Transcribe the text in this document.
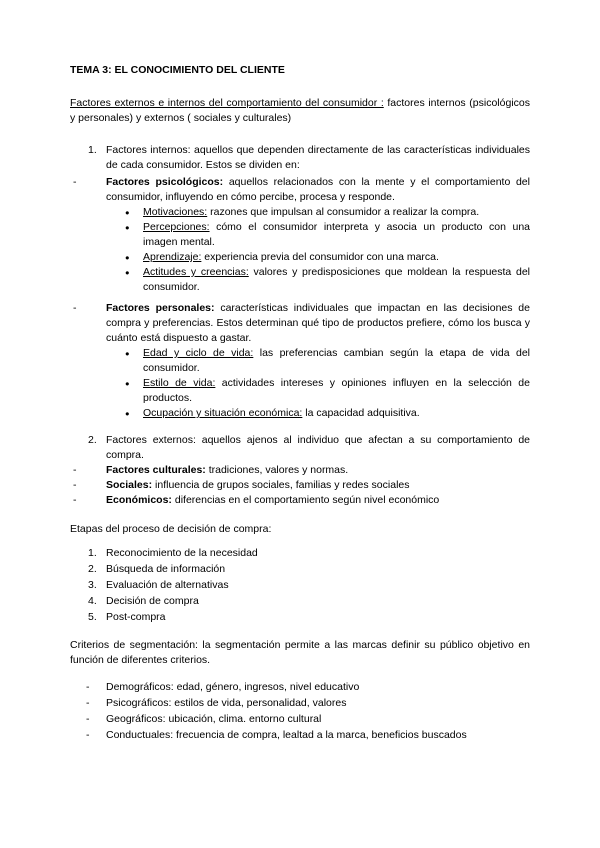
TEMA 3: EL CONOCIMIENTO DEL CLIENTE

Factores externos e internos del comportamiento del consumidor : factores internos (psicológicos y personales) y externos ( sociales y culturales)

1. Factores internos: aquellos que dependen directamente de las características individuales de cada consumidor. Estos se dividen en:
-	Factores psicológicos: aquellos relacionados con la mente y el comportamiento del consumidor, influyendo en cómo percibe, procesa y responde.
●	Motivaciones: razones que impulsan al consumidor a realizar la compra.
●	Percepciones: cómo el consumidor interpreta y asocia un producto con una imagen mental.
●	Aprendizaje: experiencia previa del consumidor con una marca.
●	Actitudes y creencias: valores y predisposiciones que moldean la respuesta del consumidor.
-	Factores personales: características individuales que impactan en las decisiones de compra y preferencias. Estos determinan qué tipo de productos prefiere, cómo los busca y cuánto está dispuesto a gastar.
●	Edad y ciclo de vida: las preferencias cambian según la etapa de vida del consumidor.
●	Estilo de vida: actividades intereses y opiniones influyen en la selección de productos.
●	Ocupación y situación económica: la capacidad adquisitiva.
2. Factores externos: aquellos ajenos al individuo que afectan a su comportamiento de compra.
-	Factores culturales: tradiciones, valores y normas.
-	Sociales: influencia de grupos sociales, familias y redes sociales
-	Económicos: diferencias en el comportamiento según nivel económico

Etapas del proceso de decisión de compra:

1. Reconocimiento de la necesidad
2. Búsqueda de información
3. Evaluación de alternativas
4. Decisión de compra
5. Post-compra

Criterios de segmentación: la segmentación permite a las marcas definir su público objetivo en función de diferentes criterios.

-	Demográficos: edad, género, ingresos, nivel educativo
-	Psicográficos: estilos de vida, personalidad, valores
-	Geográficos: ubicación, clima. entorno cultural
-	Conductuales: frecuencia de compra, lealtad a la marca, beneficios buscados
